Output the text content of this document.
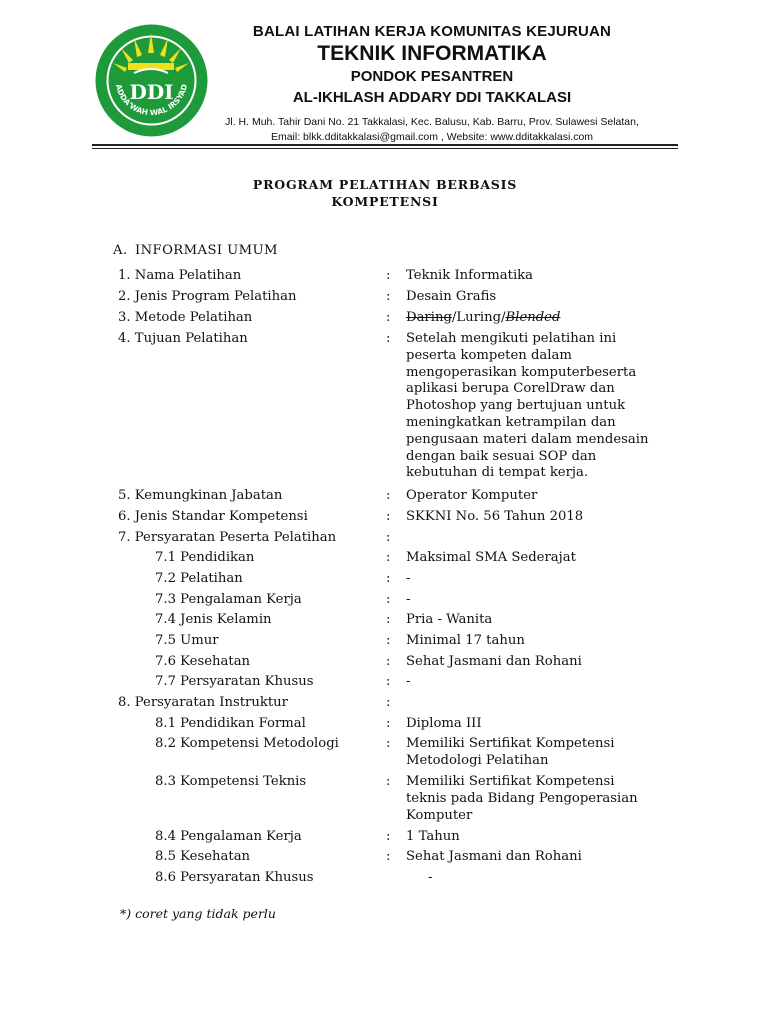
DDI
ADDA'WAH WAL IRSYAD
BALAI LATIHAN KERJA KOMUNITAS KEJURUAN
TEKNIK INFORMATIKA
PONDOK PESANTREN
AL-IKHLASH ADDARY DDI TAKKALASI
Jl. H. Muh. Tahir Dani No. 21 Takkalasi, Kec. Balusu, Kab. Barru, Prov. Sulawesi Selatan,
Email: blkk.dditakkalasi@gmail.com , Website: www.dditakkalasi.com
PROGRAM PELATIHAN BERBASIS
KOMPETENSI
A. INFORMASI UMUM
1. Nama Pelatihan	: Teknik Informatika
2. Jenis Program Pelatihan	: Desain Grafis
3. Metode Pelatihan	: Daring/Luring/Blended
4. Tujuan Pelatihan	: Setelah mengikuti pelatihan ini
peserta kompeten dalam
mengoperasikan komputerbeserta
aplikasi berupa CorelDraw dan
Photoshop yang bertujuan untuk
meningkatkan ketrampilan dan
pengusaan materi dalam mendesain
dengan baik sesuai SOP dan
kebutuhan di tempat kerja.
5. Kemungkinan Jabatan	: Operator Komputer
6. Jenis Standar Kompetensi	: SKKNI No. 56 Tahun 2018
7. Persyaratan Peserta Pelatihan	:
7.1 Pendidikan	: Maksimal SMA Sederajat
7.2 Pelatihan	: -
7.3 Pengalaman Kerja	: -
7.4 Jenis Kelamin	: Pria - Wanita
7.5 Umur	: Minimal 17 tahun
7.6 Kesehatan	: Sehat Jasmani dan Rohani
7.7 Persyaratan Khusus	: -
8. Persyaratan Instruktur	:
8.1 Pendidikan Formal	: Diploma III
8.2 Kompetensi Metodologi	: Memiliki Sertifikat Kompetensi
Metodologi Pelatihan
8.3 Kompetensi Teknis	: Memiliki Sertifikat Kompetensi
teknis pada Bidang Pengoperasian
Komputer
8.4 Pengalaman Kerja	: 1 Tahun
8.5 Kesehatan	: Sehat Jasmani dan Rohani
8.6 Persyaratan Khusus	-
*) coret yang tidak perlu
